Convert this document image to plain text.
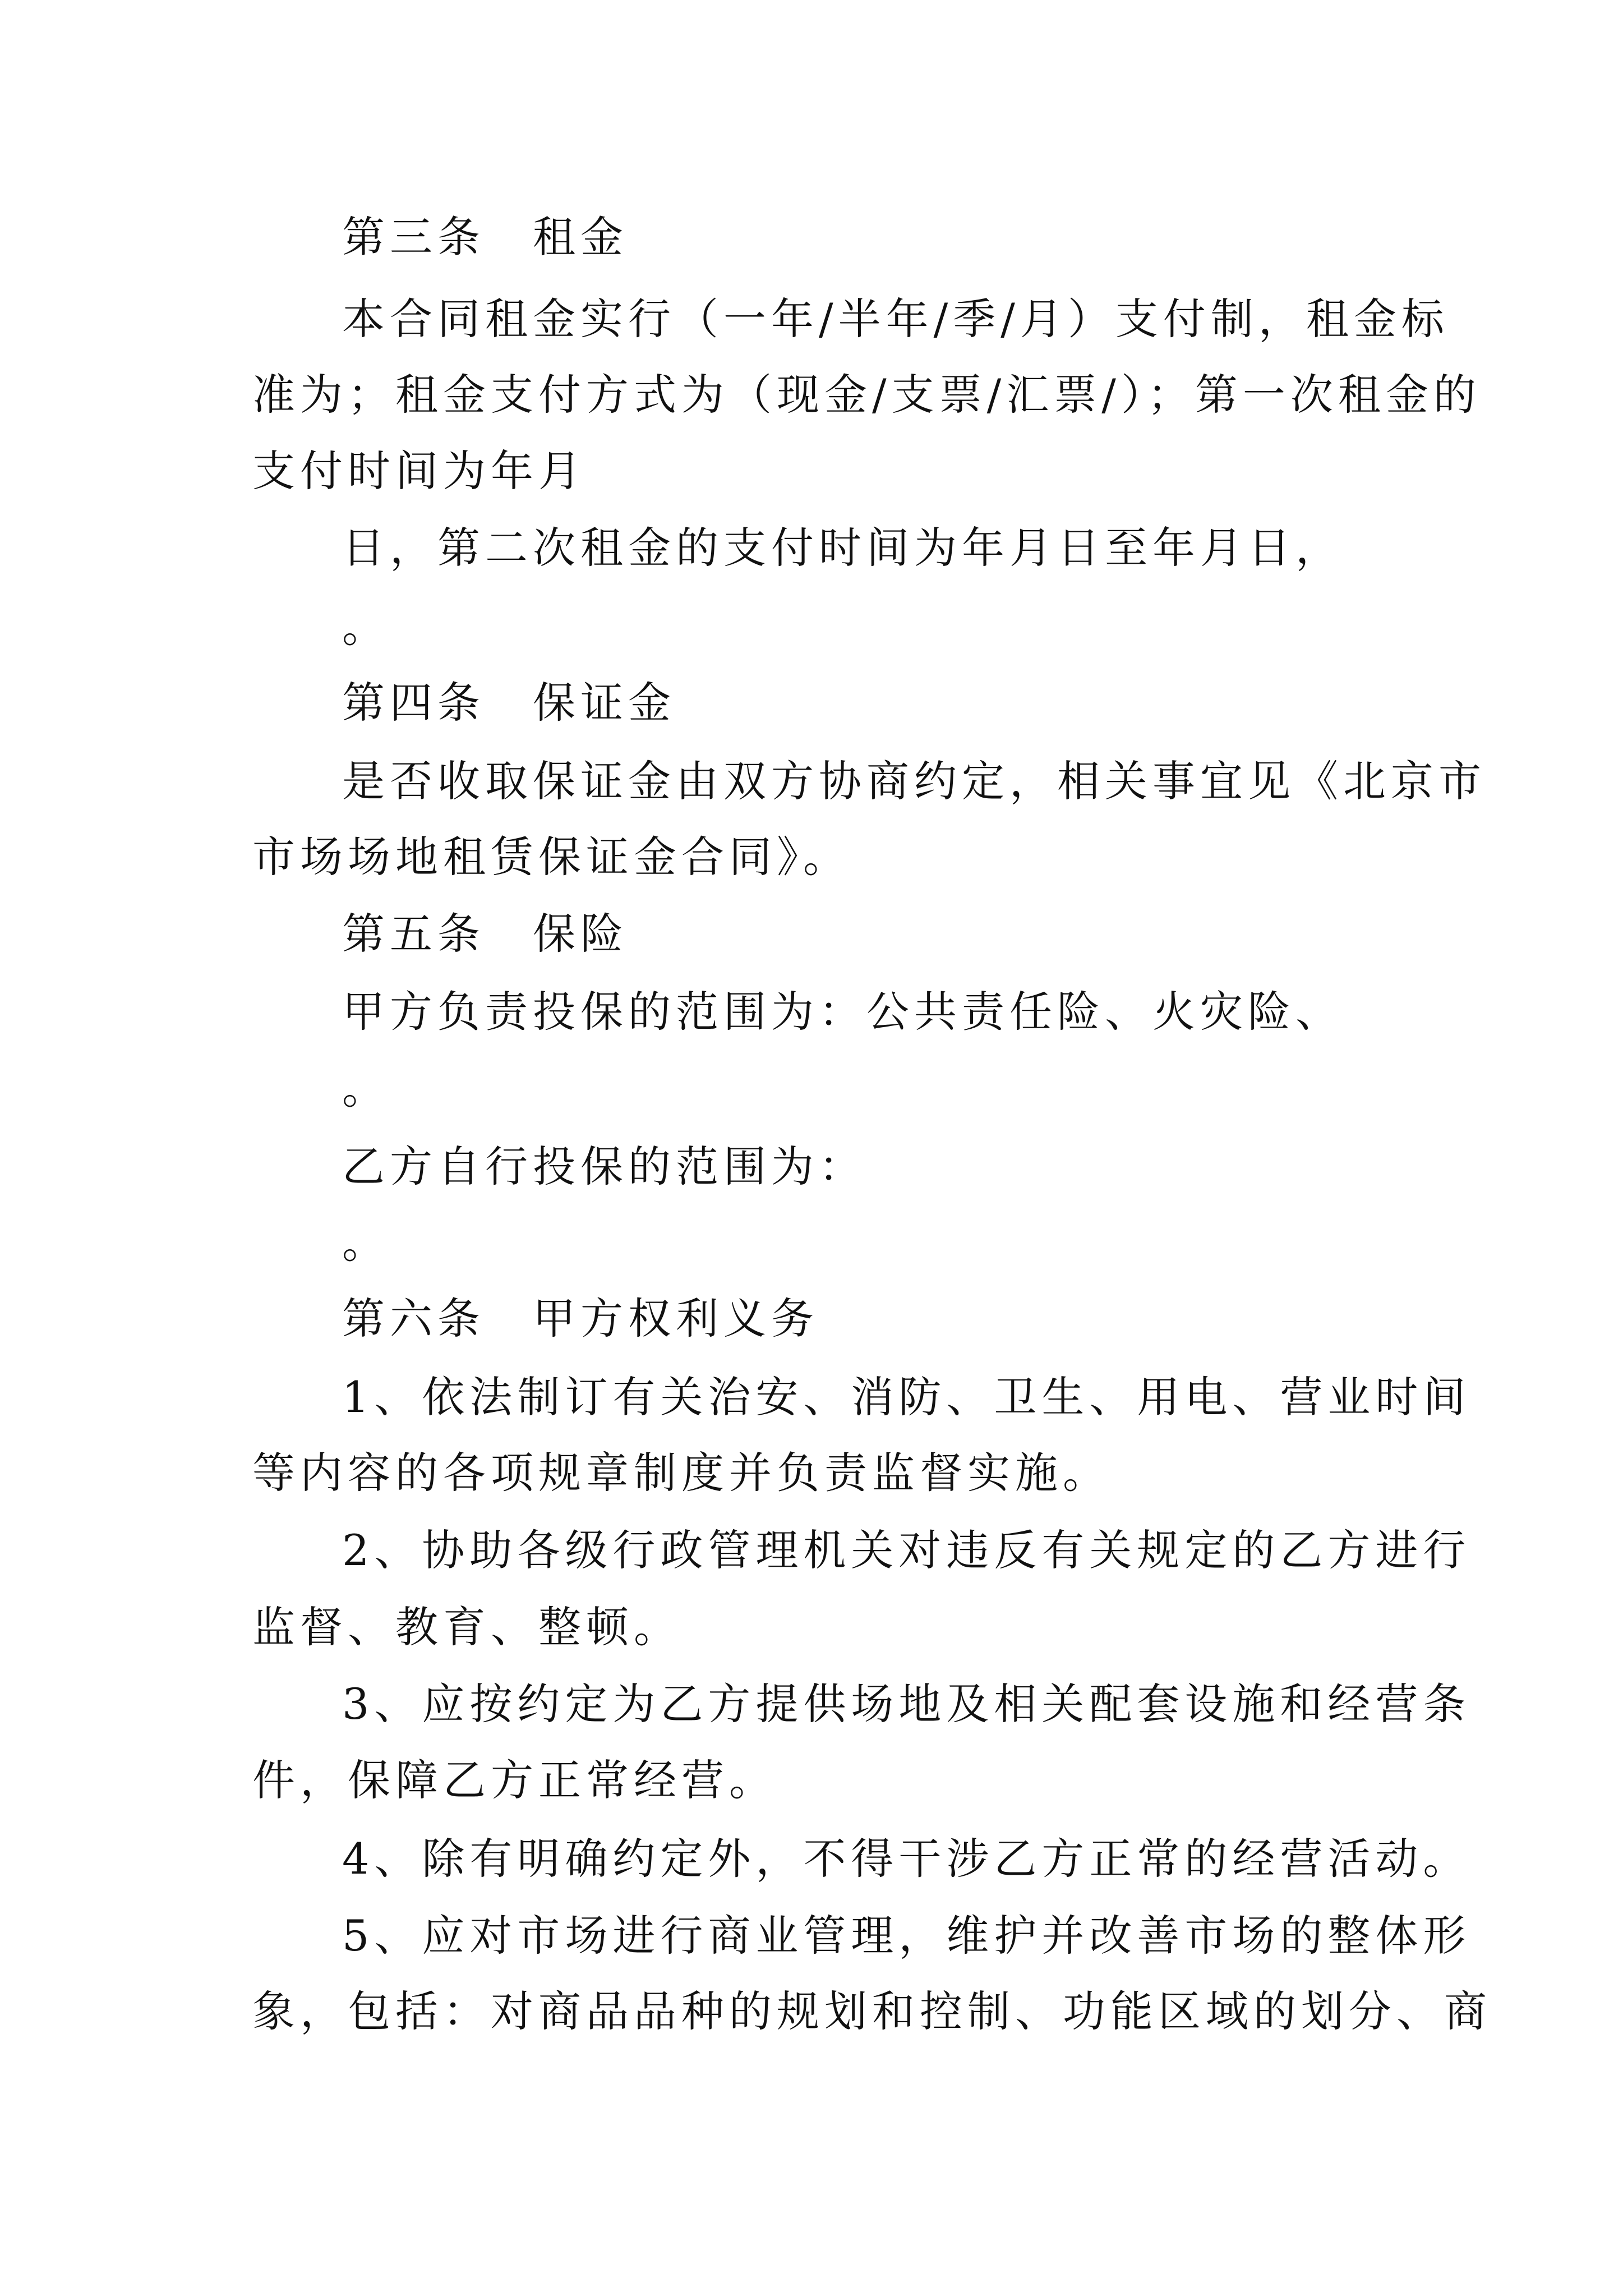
第三条　租金
本合同租金实行（一年/半年/季/月）支付制，租金标
准为；租金支付方式为（现金/支票/汇票/）；第一次租金的
支付时间为年月
日，第二次租金的支付时间为年月日至年月日，
。
第四条　保证金
是否收取保证金由双方协商约定，相关事宜见《北京市
市场场地租赁保证金合同》。
第五条　保险
甲方负责投保的范围为：公共责任险、火灾险、
。
乙方自行投保的范围为：
。
第六条　甲方权利义务
1、依法制订有关治安、消防、卫生、用电、营业时间
等内容的各项规章制度并负责监督实施。
2、协助各级行政管理机关对违反有关规定的乙方进行
监督、教育、整顿。
3、应按约定为乙方提供场地及相关配套设施和经营条
件，保障乙方正常经营。
4、除有明确约定外，不得干涉乙方正常的经营活动。
5、应对市场进行商业管理，维护并改善市场的整体形
象，包括：对商品品种的规划和控制、功能区域的划分、商
